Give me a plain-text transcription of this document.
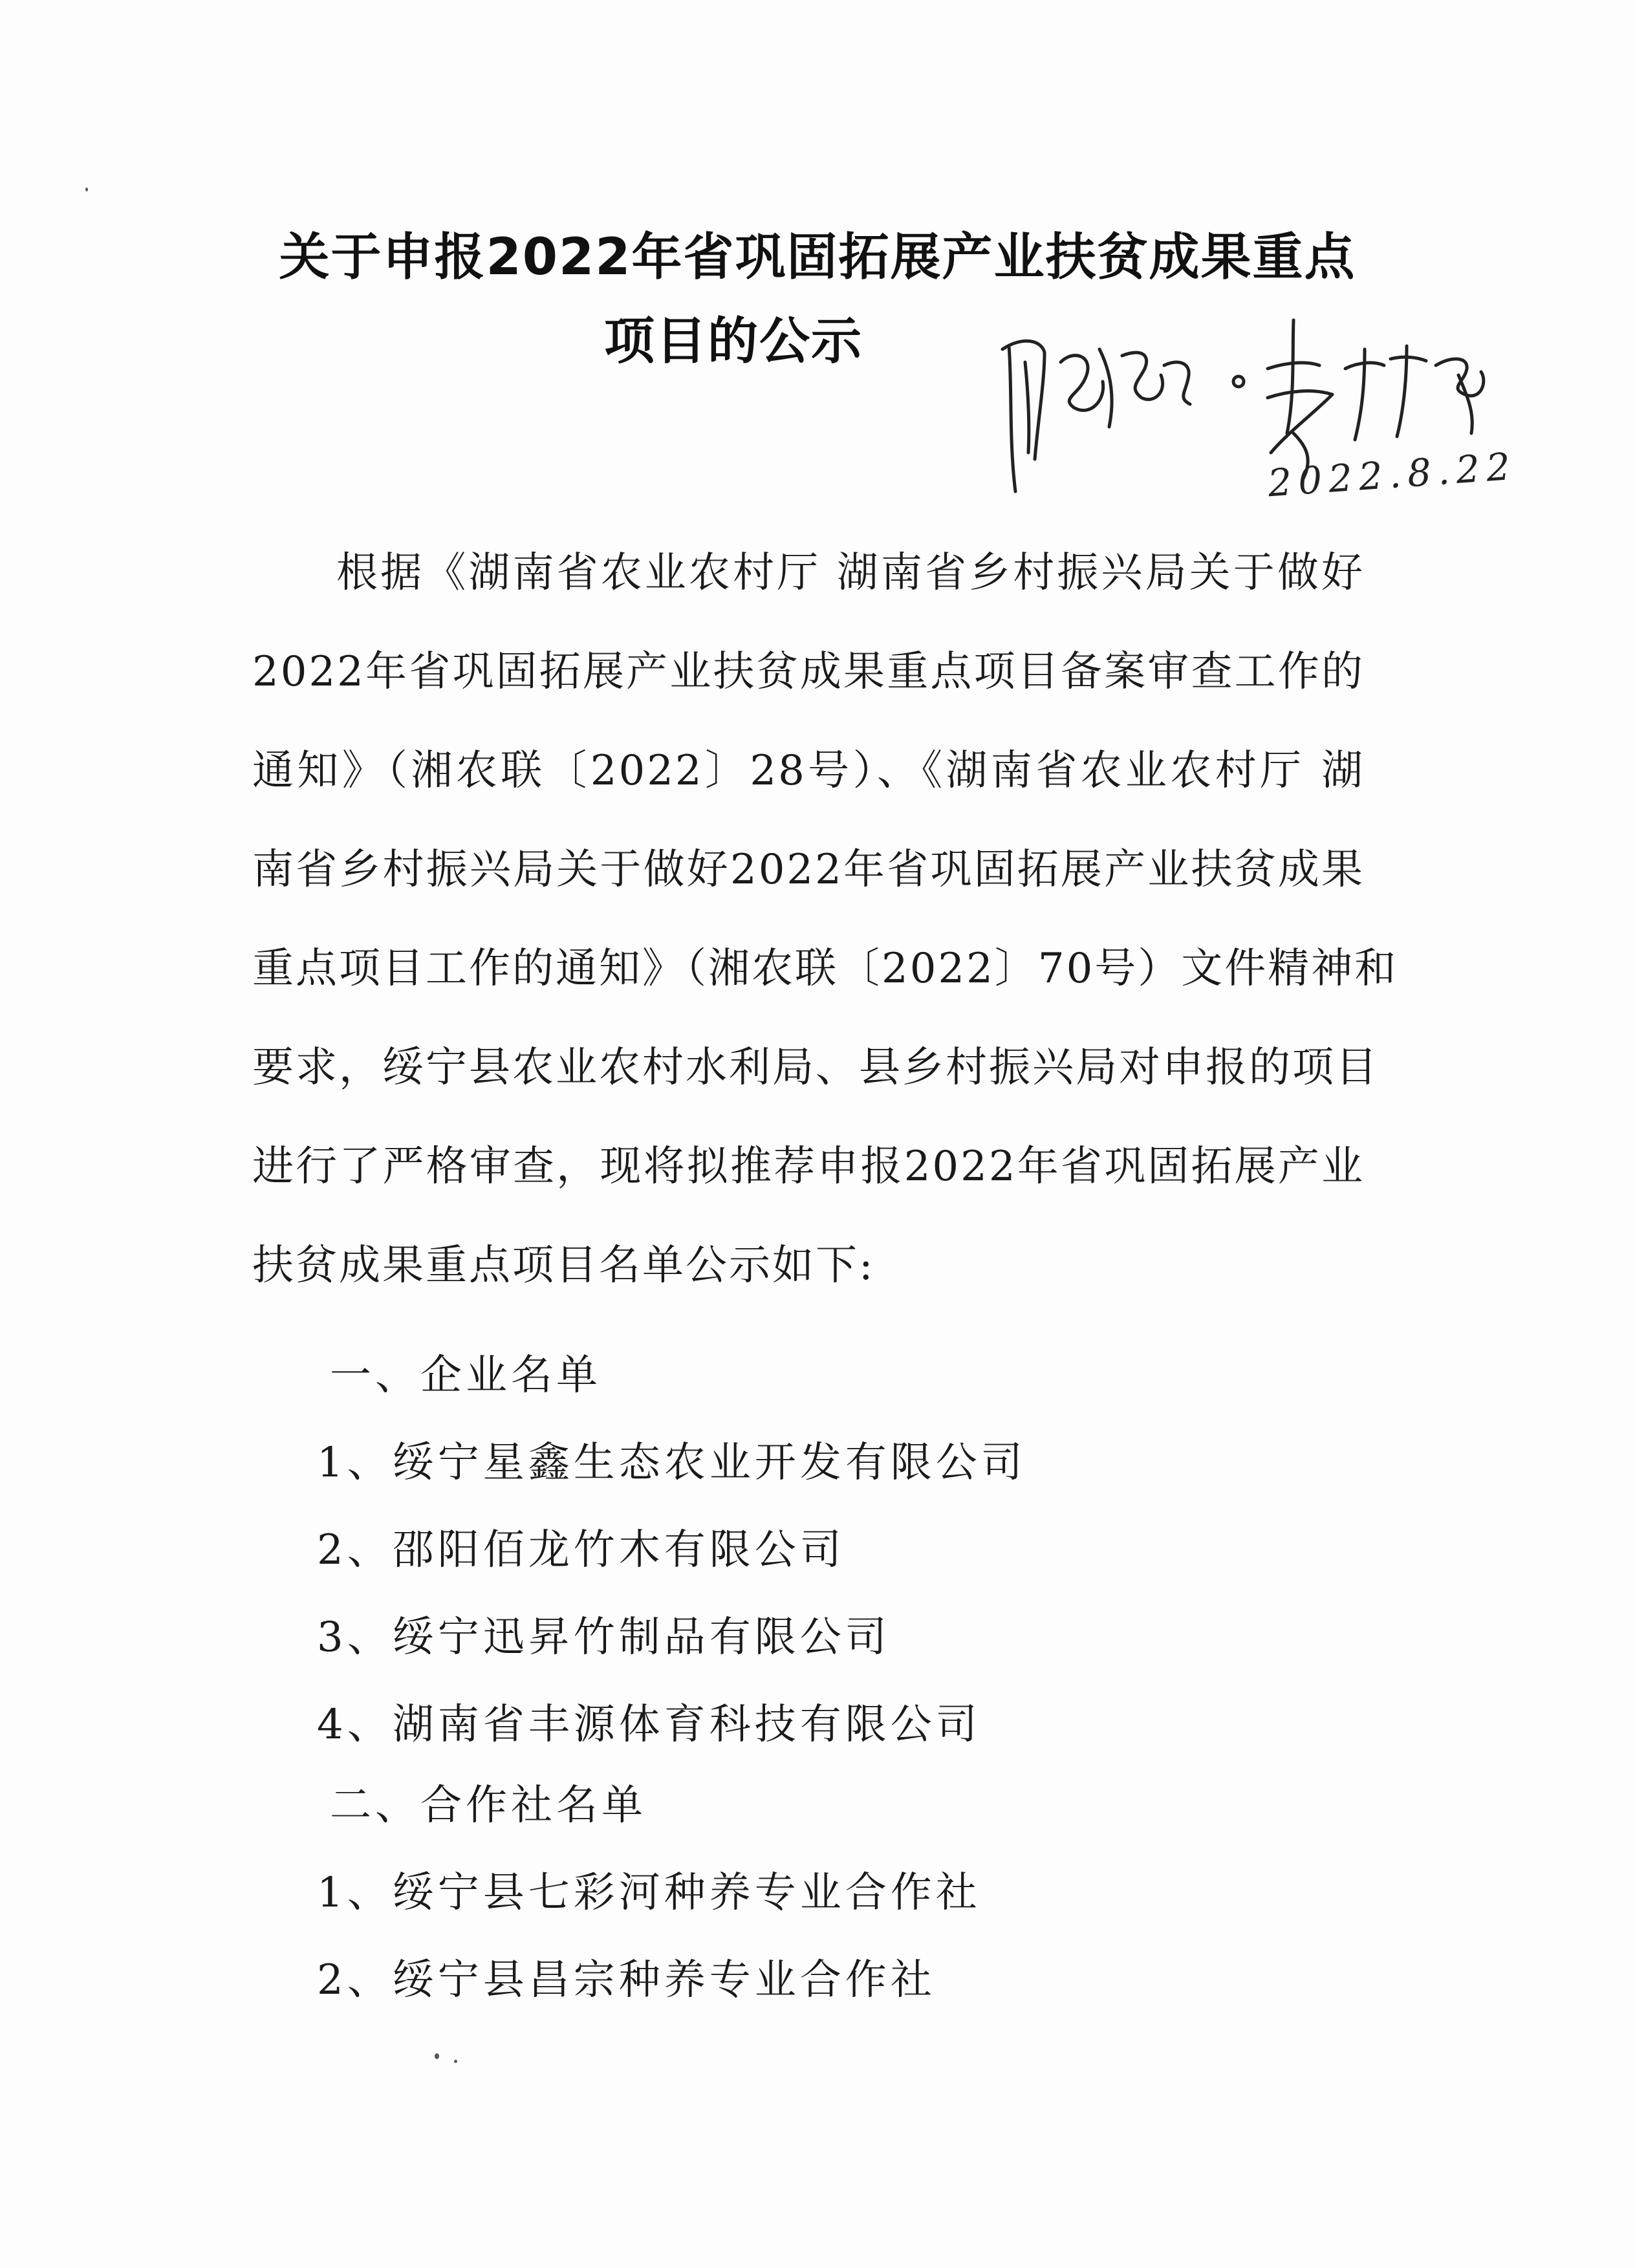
关于申报2022年省巩固拓展产业扶贫成果重点
项目的公示
2022.8.22
根据《湖南省农业农村厅 湖南省乡村振兴局关于做好
2022年省巩固拓展产业扶贫成果重点项目备案审查工作的
通知》（湘农联〔2022〕28号）、《湖南省农业农村厅 湖
南省乡村振兴局关于做好2022年省巩固拓展产业扶贫成果
重点项目工作的通知》（湘农联〔2022〕70号）文件精神和
要求，绥宁县农业农村水利局、县乡村振兴局对申报的项目
进行了严格审查，现将拟推荐申报2022年省巩固拓展产业
扶贫成果重点项目名单公示如下:
一、企业名单
1、绥宁星鑫生态农业开发有限公司
2、邵阳佰龙竹木有限公司
3、绥宁迅昇竹制品有限公司
4、湖南省丰源体育科技有限公司
二、合作社名单
1、绥宁县七彩河种养专业合作社
2、绥宁县昌宗种养专业合作社
